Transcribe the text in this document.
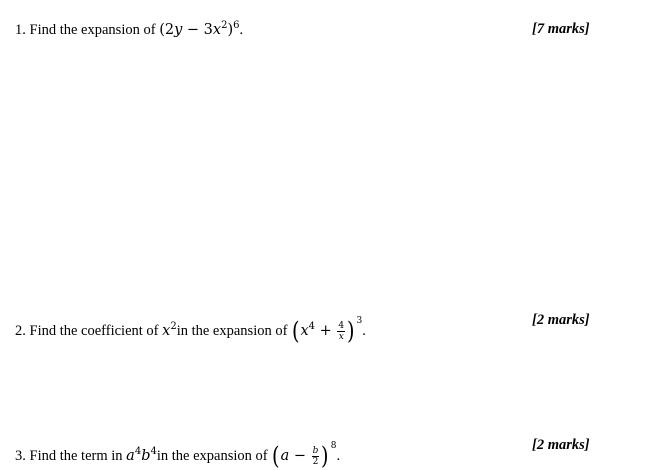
1. Find the expansion of $(2y - 3x^2)^6$.	[7 marks]
2. Find the coefficient of $x^2in$ the expansion of ($x^4 + \frac{4}{x}$ ) 3.
[2 marks]
3. Find the term in $a^4b^4in$ the expansion of ($a - \frac{b}{2}$ ) 8.
[2 marks]
